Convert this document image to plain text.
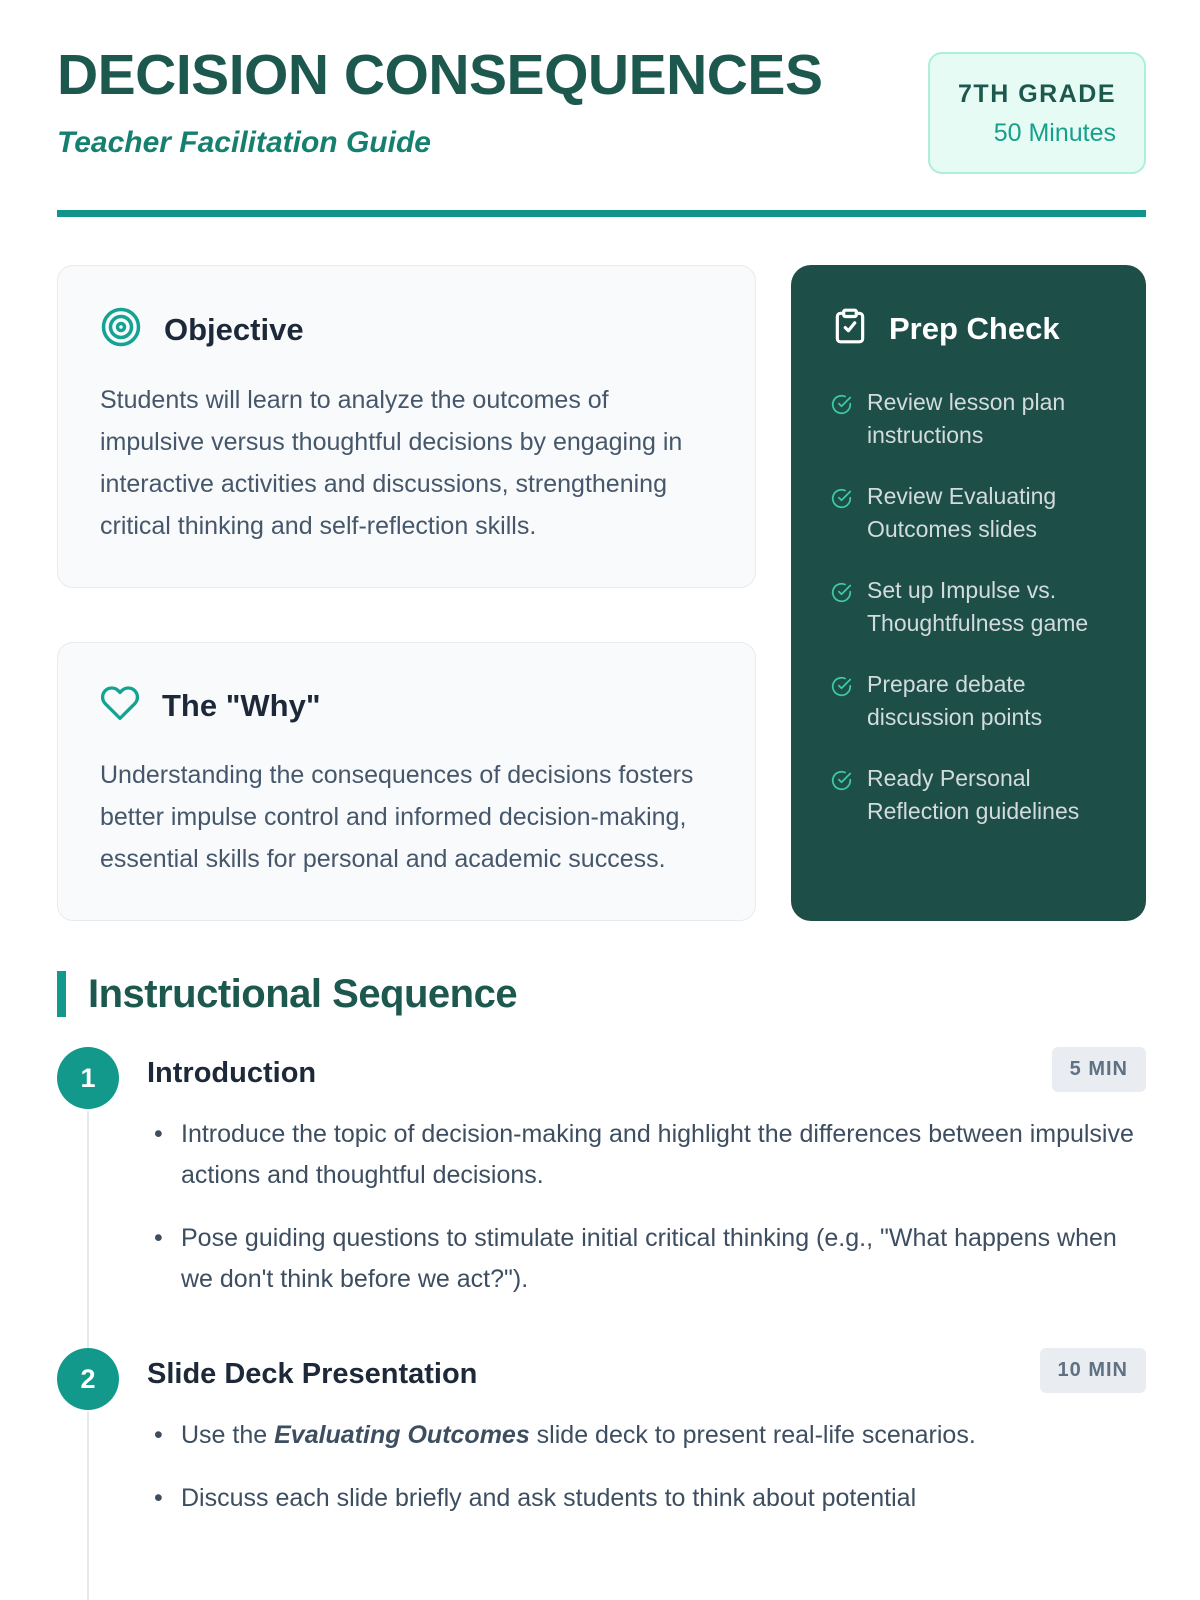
DECISION CONSEQUENCES
Teacher Facilitation Guide
7TH GRADE
50 Minutes
Objective
Students will learn to analyze the outcomes of impulsive versus thoughtful decisions by engaging in interactive activities and discussions, strengthening critical thinking and self-reflection skills.
The "Why"
Understanding the consequences of decisions fosters better impulse control and informed decision-making, essential skills for personal and academic success.
Prep Check
Review lesson plan instructions
Review Evaluating Outcomes slides
Set up Impulse vs. Thoughtfulness game
Prepare debate discussion points
Ready Personal Reflection guidelines
Instructional Sequence
1	Introduction	5 MIN
• Introduce the topic of decision-making and highlight the differences between impulsive actions and thoughtful decisions.
• Pose guiding questions to stimulate initial critical thinking (e.g., "What happens when we don't think before we act?").
2	Slide Deck Presentation	10 MIN
• Use the Evaluating Outcomes slide deck to present real-life scenarios.
• Discuss each slide briefly and ask students to think about potential
